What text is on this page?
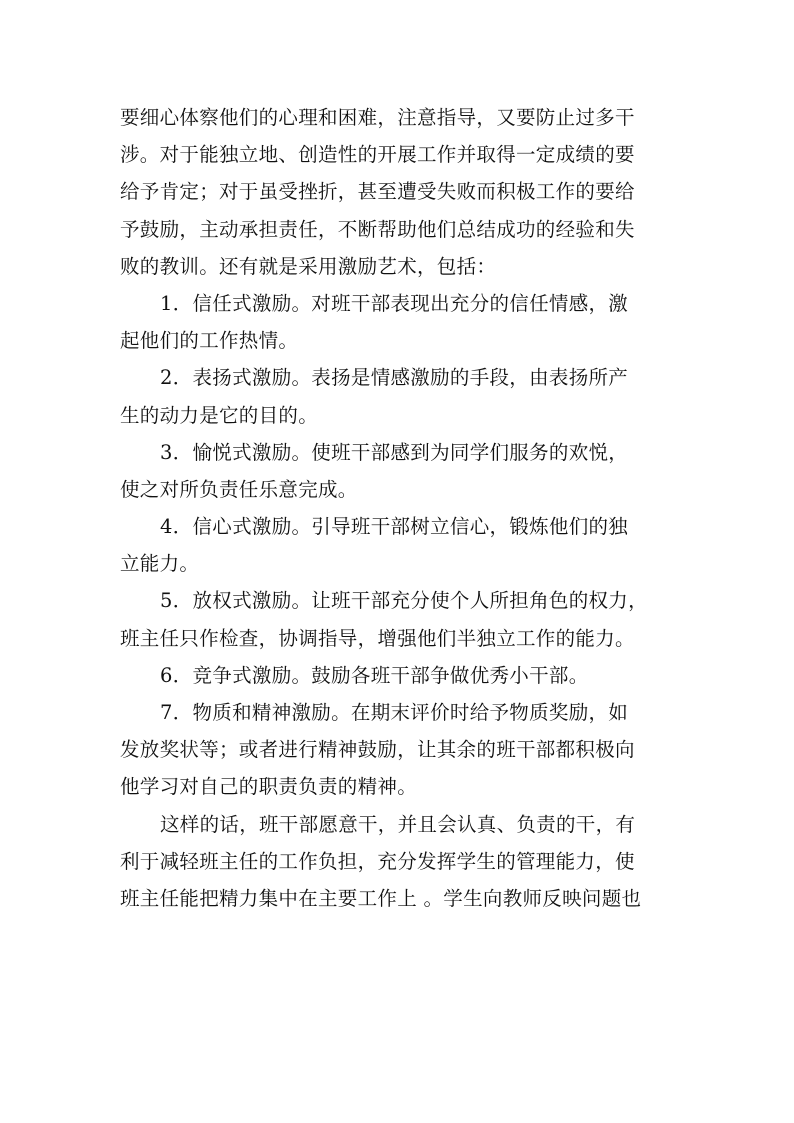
要细心体察他们的心理和困难，注意指导，又要防止过多干
涉。对于能独立地、创造性的开展工作并取得一定成绩的要
给予肯定；对于虽受挫折，甚至遭受失败而积极工作的要给
予鼓励，主动承担责任，不断帮助他们总结成功的经验和失
败的教训。还有就是采用激励艺术，包括：
1．信任式激励。对班干部表现出充分的信任情感，激
起他们的工作热情。
2．表扬式激励。表扬是情感激励的手段，由表扬所产
生的动力是它的目的。
3．愉悦式激励。使班干部感到为同学们服务的欢悦，
使之对所负责任乐意完成。
4．信心式激励。引导班干部树立信心，锻炼他们的独
立能力。
5．放权式激励。让班干部充分使个人所担角色的权力，
班主任只作检查，协调指导，增强他们半独立工作的能力。
6．竞争式激励。鼓励各班干部争做优秀小干部。
7．物质和精神激励。在期末评价时给予物质奖励，如
发放奖状等；或者进行精神鼓励，让其余的班干部都积极向
他学习对自己的职责负责的精神。
这样的话，班干部愿意干，并且会认真、负责的干，有
利于减轻班主任的工作负担，充分发挥学生的管理能力，使
班主任能把精力集中在主要工作上 。学生向教师反映问题也
